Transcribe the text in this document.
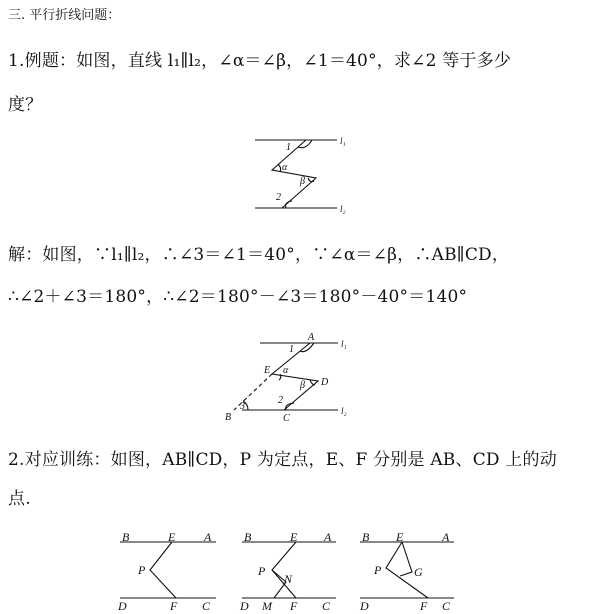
三. 平行折线问题：
1.例题：如图，直线 l₁∥l₂，∠α＝∠β，∠1＝40°，求∠2 等于多少
度？
l₁
l₂
1
α
β
2
解：如图，∵l₁∥l₂，∴∠3＝∠1＝40°，∵∠α＝∠β，∴AB∥CD，
∴∠2＋∠3＝180°，∴∠2＝180°－∠3＝180°－40°＝140°
A
l₁
1
E α
D
β
2
3
B	C
l₂
2.对应训练：如图，AB∥CD，P 为定点，E、F 分别是 AB、CD 上的动
点.
B	E A
P
D	F C
B	E A
P
N
D M F C
B E	A
P	G
D	F C
